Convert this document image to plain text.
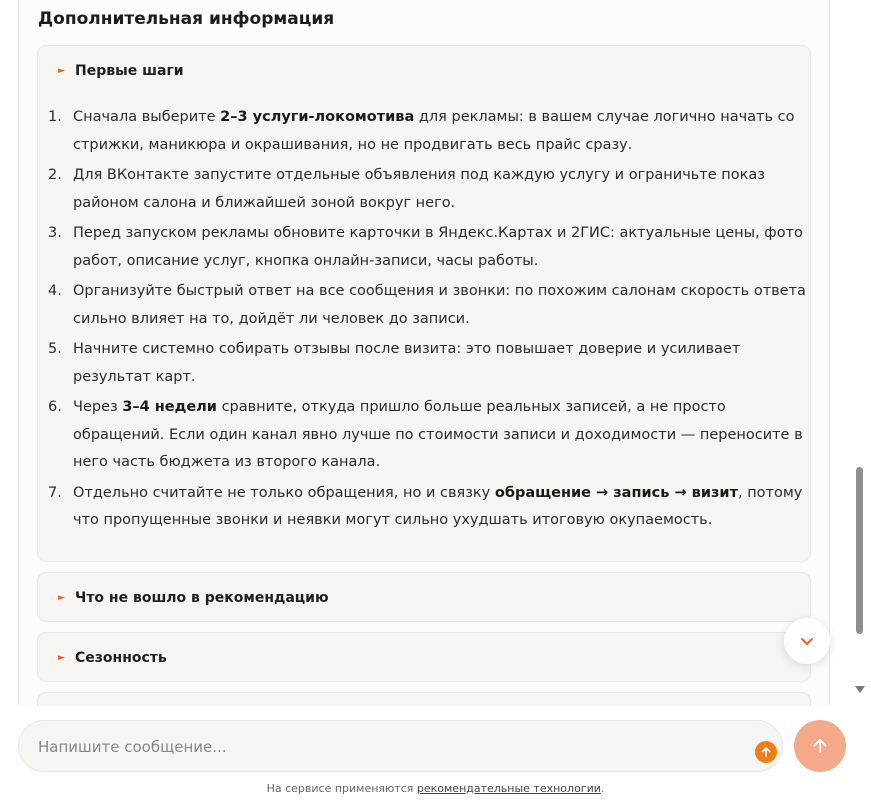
Дополнительная информация
► Первые шаги
1. Сначала выберите 2–3 услуги-локомотива для рекламы: в вашем случае логично начать со стрижки, маникюра и окрашивания, но не продвигать весь прайс сразу.
2. Для ВКонтакте запустите отдельные объявления под каждую услугу и ограничьте показ районом салона и ближайшей зоной вокруг него.
3. Перед запуском рекламы обновите карточки в Яндекс.Картах и 2ГИС: актуальные цены, фото работ, описание услуг, кнопка онлайн-записи, часы работы.
4. Организуйте быстрый ответ на все сообщения и звонки: по похожим салонам скорость ответа сильно влияет на то, дойдёт ли человек до записи.
5. Начните системно собирать отзывы после визита: это повышает доверие и усиливает результат карт.
6. Через 3–4 недели сравните, откуда пришло больше реальных записей, а не просто обращений. Если один канал явно лучше по стоимости записи и доходимости — переносите в него часть бюджета из второго канала.
7. Отдельно считайте не только обращения, но и связку обращение → запись → визит, потому что пропущенные звонки и неявки могут сильно ухудшать итоговую окупаемость.
► Что не вошло в рекомендацию
► Сезонность
Напишите сообщение...
На сервисе применяются рекомендательные технологии.
